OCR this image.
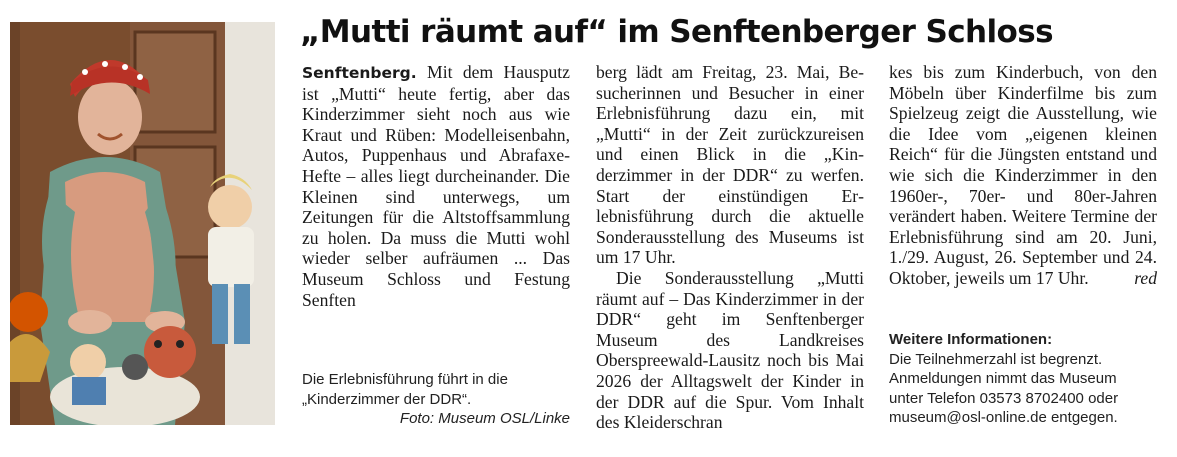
„Mutti räumt auf“ im Senftenberger Schloss

Senftenberg. Mit dem Hausputz ist „Mutti“ heute fertig, aber das Kinderzimmer sieht noch aus wie Kraut und Rüben: Modelleisenbahn, Autos, Puppenhaus und Abrafaxe-Hefte – alles liegt durcheinander. Die Kleinen sind unterwegs, um Zeitungen für die Altstoffsammlung zu holen. Da muss die Mutti wohl wieder selber aufräumen ... Das Museum Schloss und Festung Senften

Die Erlebnisführung führt in die
„Kinderzimmer der DDR“.
Foto: Museum OSL/Linke

berg lädt am Freitag, 23. Mai, Besucherinnen und Besucher in einer Erlebnisführung dazu ein, mit „Mutti“ in der Zeit zurückzureisen und einen Blick in die „Kinderzimmer in der DDR“ zu werfen. Start der einstündigen Erlebnisführung durch die aktuelle Sonderausstellung des Museums ist um 17 Uhr.

Die Sonderausstellung „Mutti räumt auf – Das Kinderzimmer in der DDR“ geht im Senftenberger Museum des Landkreises Oberspreewald-Lausitz noch bis Mai 2026 der Alltagswelt der Kinder in der DDR auf die Spur. Vom Inhalt des Kleiderschran

kes bis zum Kinderbuch, von den Möbeln über Kinderfilme bis zum Spielzeug zeigt die Ausstellung, wie die Idee vom „eigenen kleinen Reich“ für die Jüngsten entstand und wie sich die Kinderzimmer in den 1960er-, 70er- und 80er-Jahren verändert haben. Weitere Termine der Erlebnisführung sind am 20. Juni, 1./29. August, 26. September und 24. Oktober, jeweils um 17 Uhr.	red

Weitere Informationen:
Die Teilnehmerzahl ist begrenzt.
Anmeldungen nimmt das Museum
unter Telefon 03573 8702400 oder
museum@osl-online.de entgegen.
